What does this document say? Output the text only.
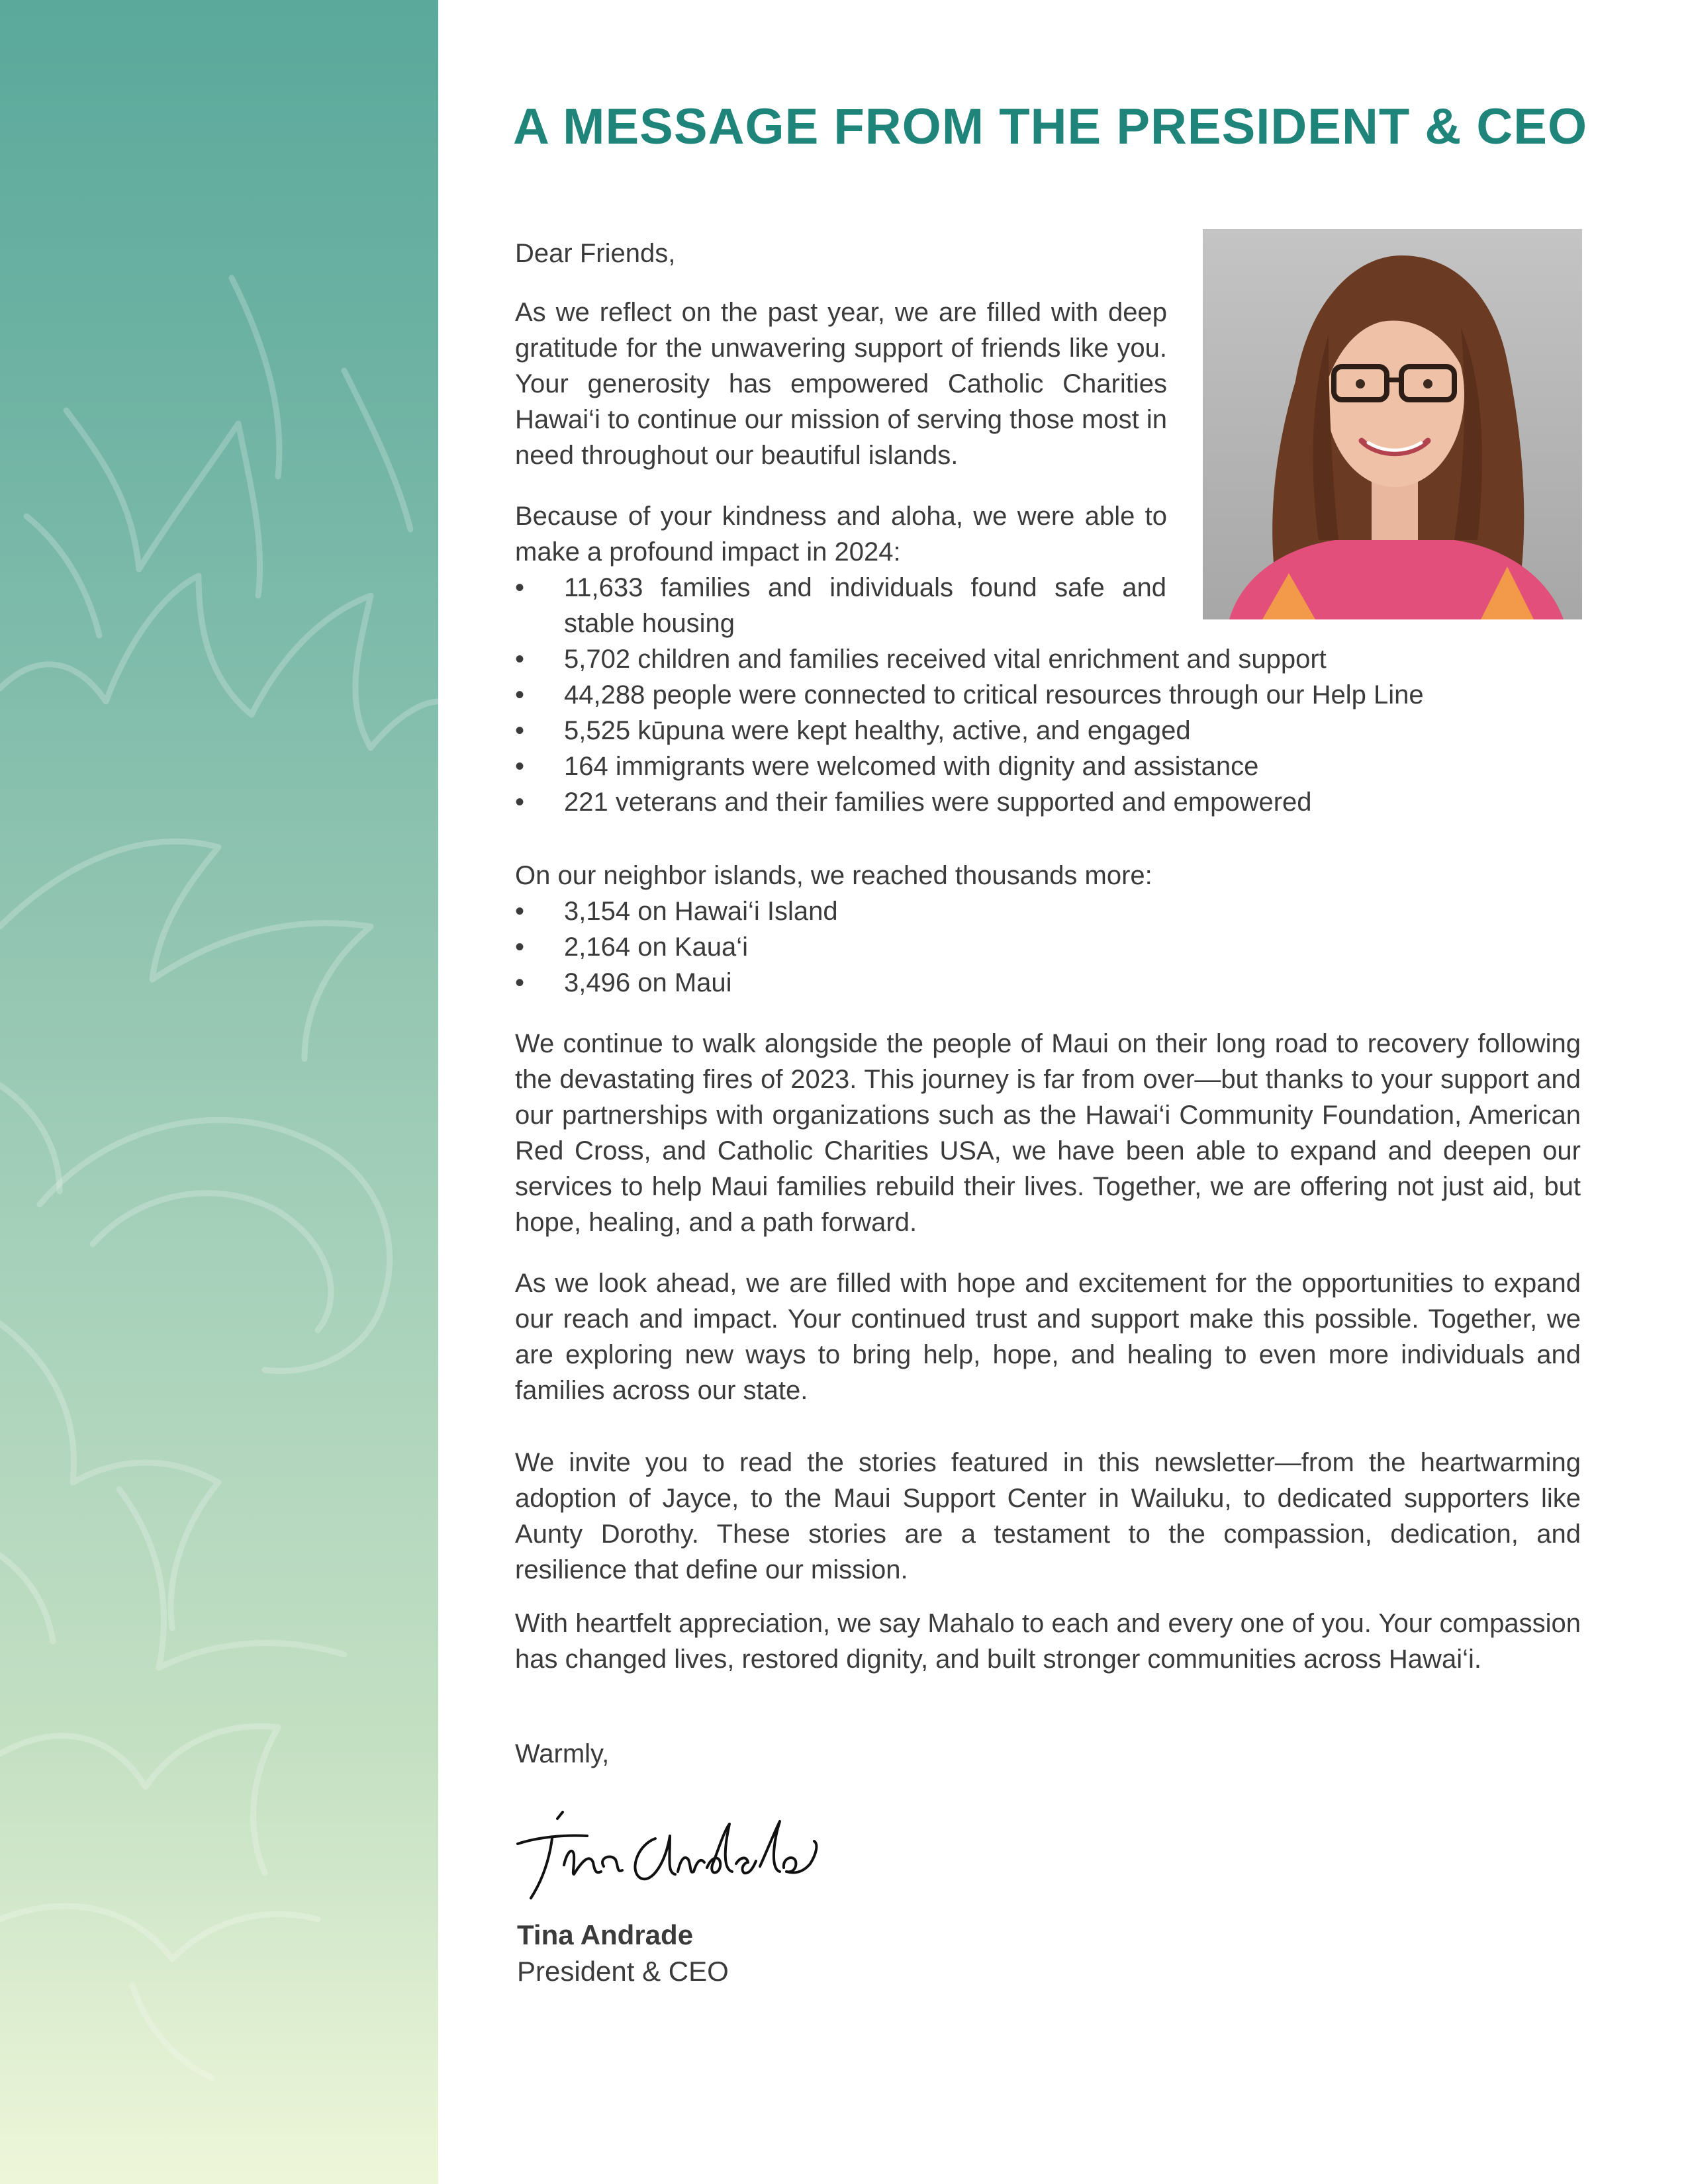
A MESSAGE FROM THE PRESIDENT & CEO

Dear Friends,

As we reflect on the past year, we are filled with deep gratitude for the unwavering support of friends like you. Your generosity has empowered Catholic Charities Hawai‘i to continue our mission of serving those most in need throughout our beautiful islands.

Because of your kindness and aloha, we were able to make a profound impact in 2024:

• 11,633 families and individuals found safe and stable housing
• 5,702 children and families received vital enrichment and support
• 44,288 people were connected to critical resources through our Help Line
• 5,525 kūpuna were kept healthy, active, and engaged
• 164 immigrants were welcomed with dignity and assistance
• 221 veterans and their families were supported and empowered

On our neighbor islands, we reached thousands more:

• 3,154 on Hawai‘i Island
• 2,164 on Kaua‘i
• 3,496 on Maui

We continue to walk alongside the people of Maui on their long road to recovery following the devastating fires of 2023. This journey is far from over—but thanks to your support and our partnerships with organizations such as the Hawai‘i Community Foundation, American Red Cross, and Catholic Charities USA, we have been able to expand and deepen our services to help Maui families rebuild their lives. Together, we are offering not just aid, but hope, healing, and a path forward.

As we look ahead, we are filled with hope and excitement for the opportunities to expand our reach and impact. Your continued trust and support make this possible. Together, we are exploring new ways to bring help, hope, and healing to even more individuals and families across our state.

We invite you to read the stories featured in this newsletter—from the heartwarming adoption of Jayce, to the Maui Support Center in Wailuku, to dedicated supporters like Aunty Dorothy. These stories are a testament to the compassion, dedication, and resilience that define our mission.

With heartfelt appreciation, we say Mahalo to each and every one of you. Your compassion has changed lives, restored dignity, and built stronger communities across Hawai‘i.

Warmly,

Tina Andrade
President & CEO
